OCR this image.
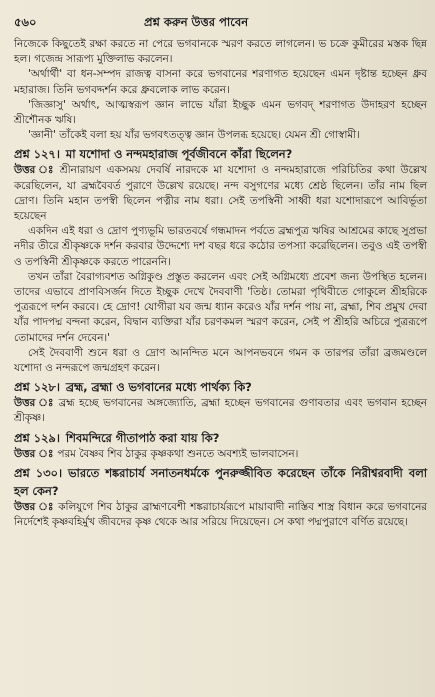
৫৬০	প্রশ্ন করুন উত্তর পাবেন

নিজেকে কিছুতেই রক্ষা করতে না পেরে ভগবানকে স্মরণ করতে লাগলেন। ভ চক্রে কুমীরের মস্তক ছিন্ন হল। গজেন্দ্র সারূপ্য মুক্তিলাভ করলেন।

'অর্থার্থী' বা ধন-সম্পদ রাজত্ব বাসনা করে ভগবানের শরণাগত হয়েছেন এমন দৃষ্টান্ত হচ্ছেন ধ্রুব মহারাজ। তিনি ভগবদ্দর্শন করে ধ্রুবলোক লাভ করেন।

'জিজ্ঞাসু' অর্থাৎ, আত্মস্বরূপ জ্ঞান লাভে যাঁরা ইচ্ছুক এমন ভগবদ্ শরণাগত উদাহরণ হচ্ছেন শ্রীশৌনক ঋষি।

'জ্ঞানী' তাঁকেই বলা হয় যাঁর ভগবৎতত্ত্ব জ্ঞান উপলব্ধ হয়েছে। যেমন শ্রী গোস্বামী।

প্রশ্ন ১২৭। মা যশোদা ও নন্দমহারাজ পূর্বজীবনে কাঁরা ছিলেন?

উত্তর ঃ শ্রীনারায়ণ একসময় দেবর্ষি নারদকে মা যশোদা ও নন্দমহারাজে পরিচিতির কথা উল্লেখ করেছিলেন, যা ব্রহ্মবৈবর্ত পুরাণে উল্লেখ রয়েছে। নন্দ বসুগণের মধ্যে শ্রেষ্ঠ ছিলেন। তাঁর নাম ছিল দ্রোণ। তিনি মহান তপস্বী ছিলেন পত্নীর নাম ধরা। সেই তপস্বিনী সাধ্বী ধরা যশোদারূপে আবির্ভূতা হয়েছেন

একদিন এই ধরা ও দ্রোণ পুণ্যভূমি ভারতবর্ষে গন্ধমাদন পর্বতে ব্রহ্মপুত্র ঋষির আশ্রমের কাছে সুপ্রভা নদীর তীরে শ্রীকৃষ্ণকে দর্শন করবার উদ্দেশ্যে দশ বছর ধরে কঠোর তপস্যা করেছিলেন। তবুও এই তপস্বী ও তপস্বিনী শ্রীকৃষ্ণকে করতে পারেননি।

তখন তাঁরা বৈরাগ্যবশত অগ্নিকুণ্ড প্রস্তুত করলেন এবং সেই অগ্নিমধ্যে প্রবেশ জন্য উপস্থিত হলেন। তাদের এভাবে প্রাণবিসর্জন দিতে ইচ্ছুক দেখে দৈববাণী 'তিষ্ঠ। তোমরা পৃথিবীতে গোকুলে শ্রীহরিকে পুত্ররূপে দর্শন করবে। হে দ্রোণ! যোগীরা যব জন্ম ধ্যান করেও যাঁর দর্শন পায় না, ব্রহ্মা, শিব প্রমুখ দেবা যাঁর পাদপদ্ম বন্দনা করেন, বিদ্বান ব্যক্তিরা যাঁর চরণকমল স্মরণ করেন, সেই প শ্রীহরি অচিরে পুত্ররূপে তোমাদের দর্শন দেবেন।'

সেই দৈববাণী শুনে ধরা ও দ্রোণ আনন্দিত মনে আপনভবনে গমন ক তারপর তাঁরা ব্রজমণ্ডলে যশোদা ও নন্দরূপে জন্মগ্রহণ করেন।

প্রশ্ন ১২৮। ব্রহ্ম, ব্রহ্মা ও ভগবানের মধ্যে পার্থক্য কি?

উত্তর ঃ ব্রহ্ম হচ্ছে ভগবানের অঙ্গজ্যোতি, ব্রহ্মা হচ্ছেন ভগবানের গুণাবতার এবং ভগবান হচ্ছেন শ্রীকৃষ্ণ।

প্রশ্ন ১২৯। শিবমন্দিরে গীতাপাঠ করা যায় কি?

উত্তর ঃ পরম বৈষ্ণব শিব ঠাকুর কৃষ্ণকথা শুনতে অবশ্যই ভালবাসেন।

প্রশ্ন ১৩০। ভারতে শঙ্করাচার্য সনাতনধর্মকে পুনরুজ্জীবিত করেছেন তাঁকে নিরীশ্বরবাদী বলা হল কেন?

উত্তর ঃ কলিযুগে শিব ঠাকুর ব্রাহ্মণবেশী শঙ্করাচার্যরূপে মায়াবাদী নাস্তিব শাস্ত্র বিধান করে ভগবানের নির্দেশেই কৃষ্ণবহির্মুখ জীবদের কৃষ্ণ থেকে আর সরিয়ে দিয়েছেন। সে কথা পদ্মপুরাণে বর্ণিত রয়েছে।
